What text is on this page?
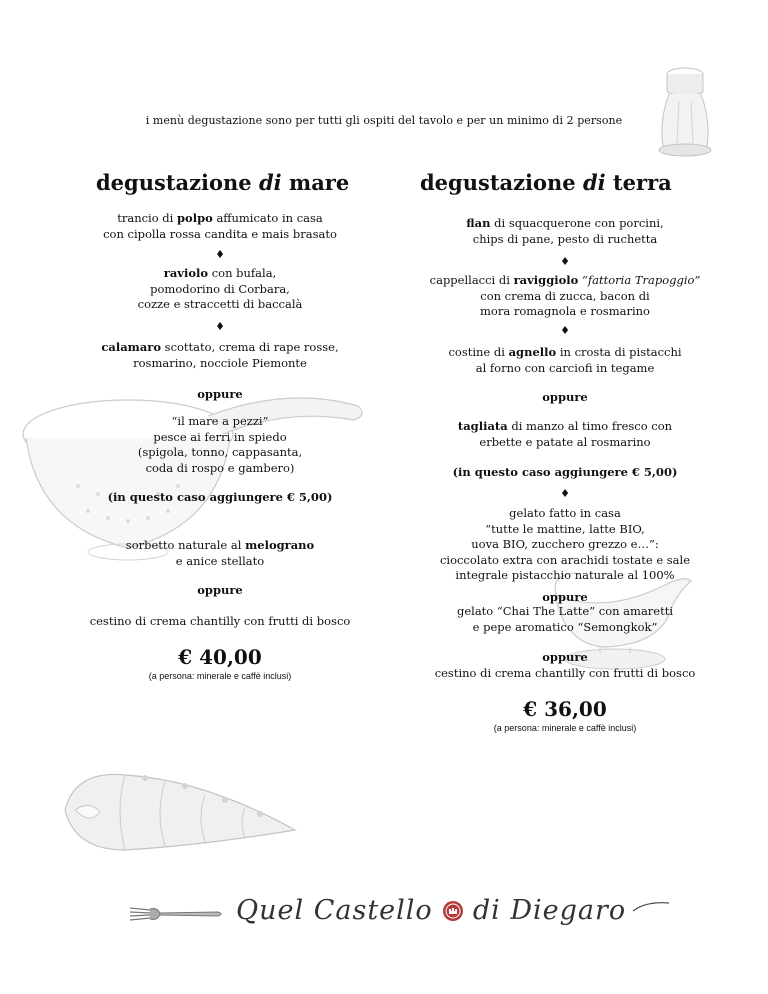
i menù degustazione sono per tutti gli ospiti del tavolo e per un minimo di 2 persone
degustazione di mare
trancio di polpo affumicato in casa
con cipolla rossa candita e mais brasato
♦
raviolo con bufala,
pomodorino di Corbara,
cozze e straccetti di baccalà
♦
calamaro scottato, crema di rape rosse,
rosmarino, nocciole Piemonte
oppure
“il mare a pezzi”
pesce ai ferri in spiedo
(spigola, tonno, cappasanta,
coda di rospo e gambero)
(in questo caso aggiungere € 5,00)
sorbetto naturale al melograno
e anice stellato
oppure
cestino di crema chantilly con frutti di bosco
€ 40,00
(a persona: minerale e caffè inclusi)
degustazione di terra
flan di squacquerone con porcini,
chips di pane, pesto di ruchetta
♦
cappellacci di raviggiolo “fattoria Trapoggio”
con crema di zucca, bacon di
mora romagnola e rosmarino
♦
costine di agnello in crosta di pistacchi
al forno con carciofi in tegame
oppure
tagliata di manzo al timo fresco con
erbette e patate al rosmarino
(in questo caso aggiungere € 5,00)
♦
gelato fatto in casa
“tutte le mattine, latte BIO,
uova BIO, zucchero grezzo e…”:
cioccolato extra con arachidi tostate e sale
integrale pistacchio naturale al 100%
oppure
gelato “Chai The Latte” con amaretti
e pepe aromatico “Semongkok”
oppure
cestino di crema chantilly con frutti di bosco
€ 36,00
(a persona: minerale e caffè inclusi)
Quel Castello di Diegaro
